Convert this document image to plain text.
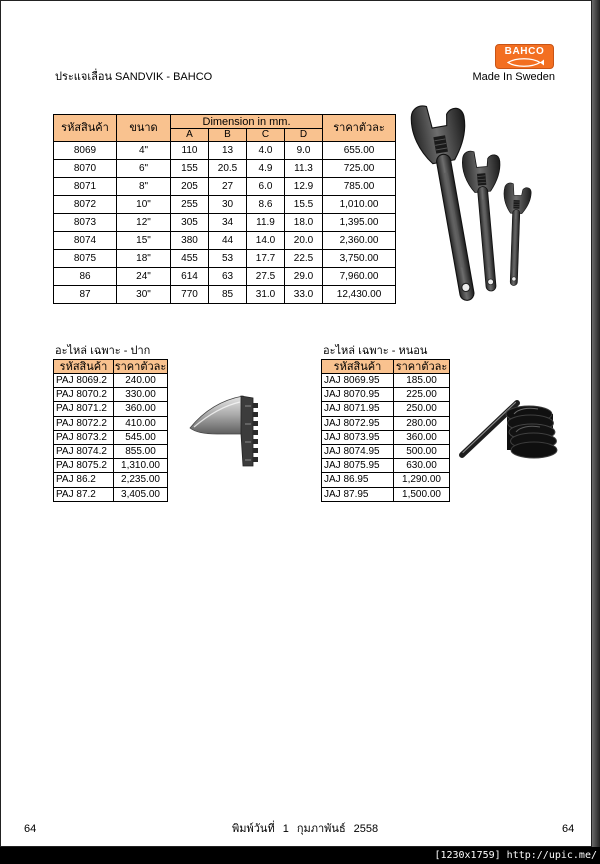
BAHCO
ประแจเลื่อน SANDVIK - BAHCO	Made In Sweden
รหัสสินค้า	ขนาด	Dimension in mm.				ราคาตัวละ
		A	B	C	D	
8069	4"	110	13	4.0	9.0	655.00
8070	6"	155	20.5	4.9	11.3	725.00
8071	8"	205	27	6.0	12.9	785.00
8072	10"	255	30	8.6	15.5	1,010.00
8073	12"	305	34	11.9	18.0	1,395.00
8074	15"	380	44	14.0	20.0	2,360.00
8075	18"	455	53	17.7	22.5	3,750.00
86	24"	614	63	27.5	29.0	7,960.00
87	30"	770	85	31.0	33.0	12,430.00
อะไหล่ เฉพาะ - ปาก
รหัสสินค้า	ราคาตัวละ
PAJ 8069.2	240.00
PAJ 8070.2	330.00
PAJ 8071.2	360.00
PAJ 8072.2	410.00
PAJ 8073.2	545.00
PAJ 8074.2	855.00
PAJ 8075.2	1,310.00
PAJ 86.2	2,235.00
PAJ 87.2	3,405.00
อะไหล่ เฉพาะ - หนอน
รหัสสินค้า	ราคาตัวละ
JAJ 8069.95	185.00
JAJ 8070.95	225.00
JAJ 8071.95	250.00
JAJ 8072.95	280.00
JAJ 8073.95	360.00
JAJ 8074.95	500.00
JAJ 8075.95	630.00
JAJ 86.95	1,290.00
JAJ 87.95	1,500.00
64	พิมพ์วันที่ 1 กุมภาพันธ์ 2558	64
[1230x1759] http://upic.me/
